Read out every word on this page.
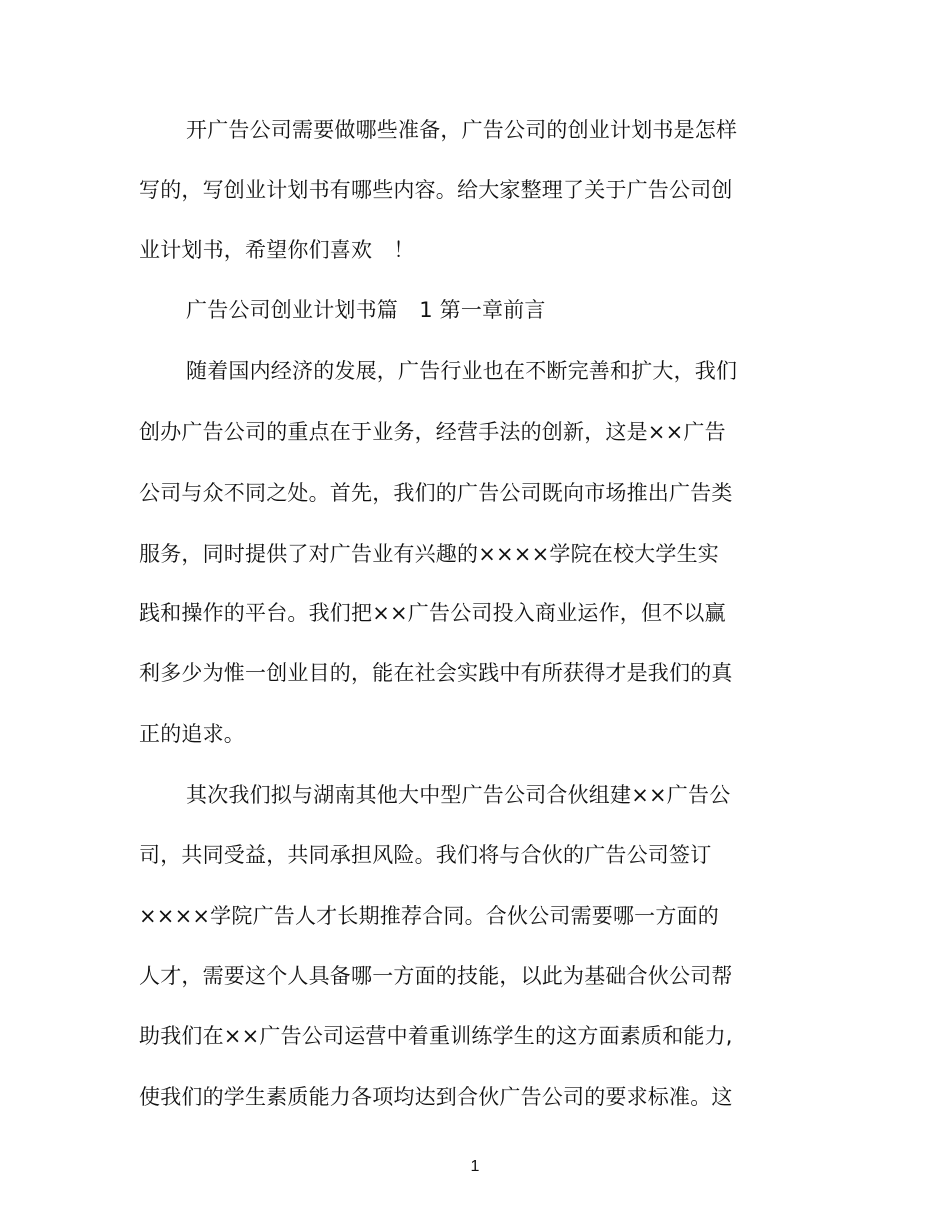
开广告公司需要做哪些准备，广告公司的创业计划书是怎样
写的，写创业计划书有哪些内容。给大家整理了关于广告公司创
业计划书，希望你们喜欢　！
广告公司创业计划书篇　1 第一章前言
随着国内经济的发展，广告行业也在不断完善和扩大，我们
创办广告公司的重点在于业务，经营手法的创新，这是××广告
公司与众不同之处。首先，我们的广告公司既向市场推出广告类
服务，同时提供了对广告业有兴趣的××××学院在校大学生实
践和操作的平台。我们把××广告公司投入商业运作，但不以赢
利多少为惟一创业目的，能在社会实践中有所获得才是我们的真
正的追求。
其次我们拟与湖南其他大中型广告公司合伙组建××广告公
司，共同受益，共同承担风险。我们将与合伙的广告公司签订
××××学院广告人才长期推荐合同。合伙公司需要哪一方面的
人才，需要这个人具备哪一方面的技能，以此为基础合伙公司帮
助我们在××广告公司运营中着重训练学生的这方面素质和能力,
使我们的学生素质能力各项均达到合伙广告公司的要求标准。这
1
